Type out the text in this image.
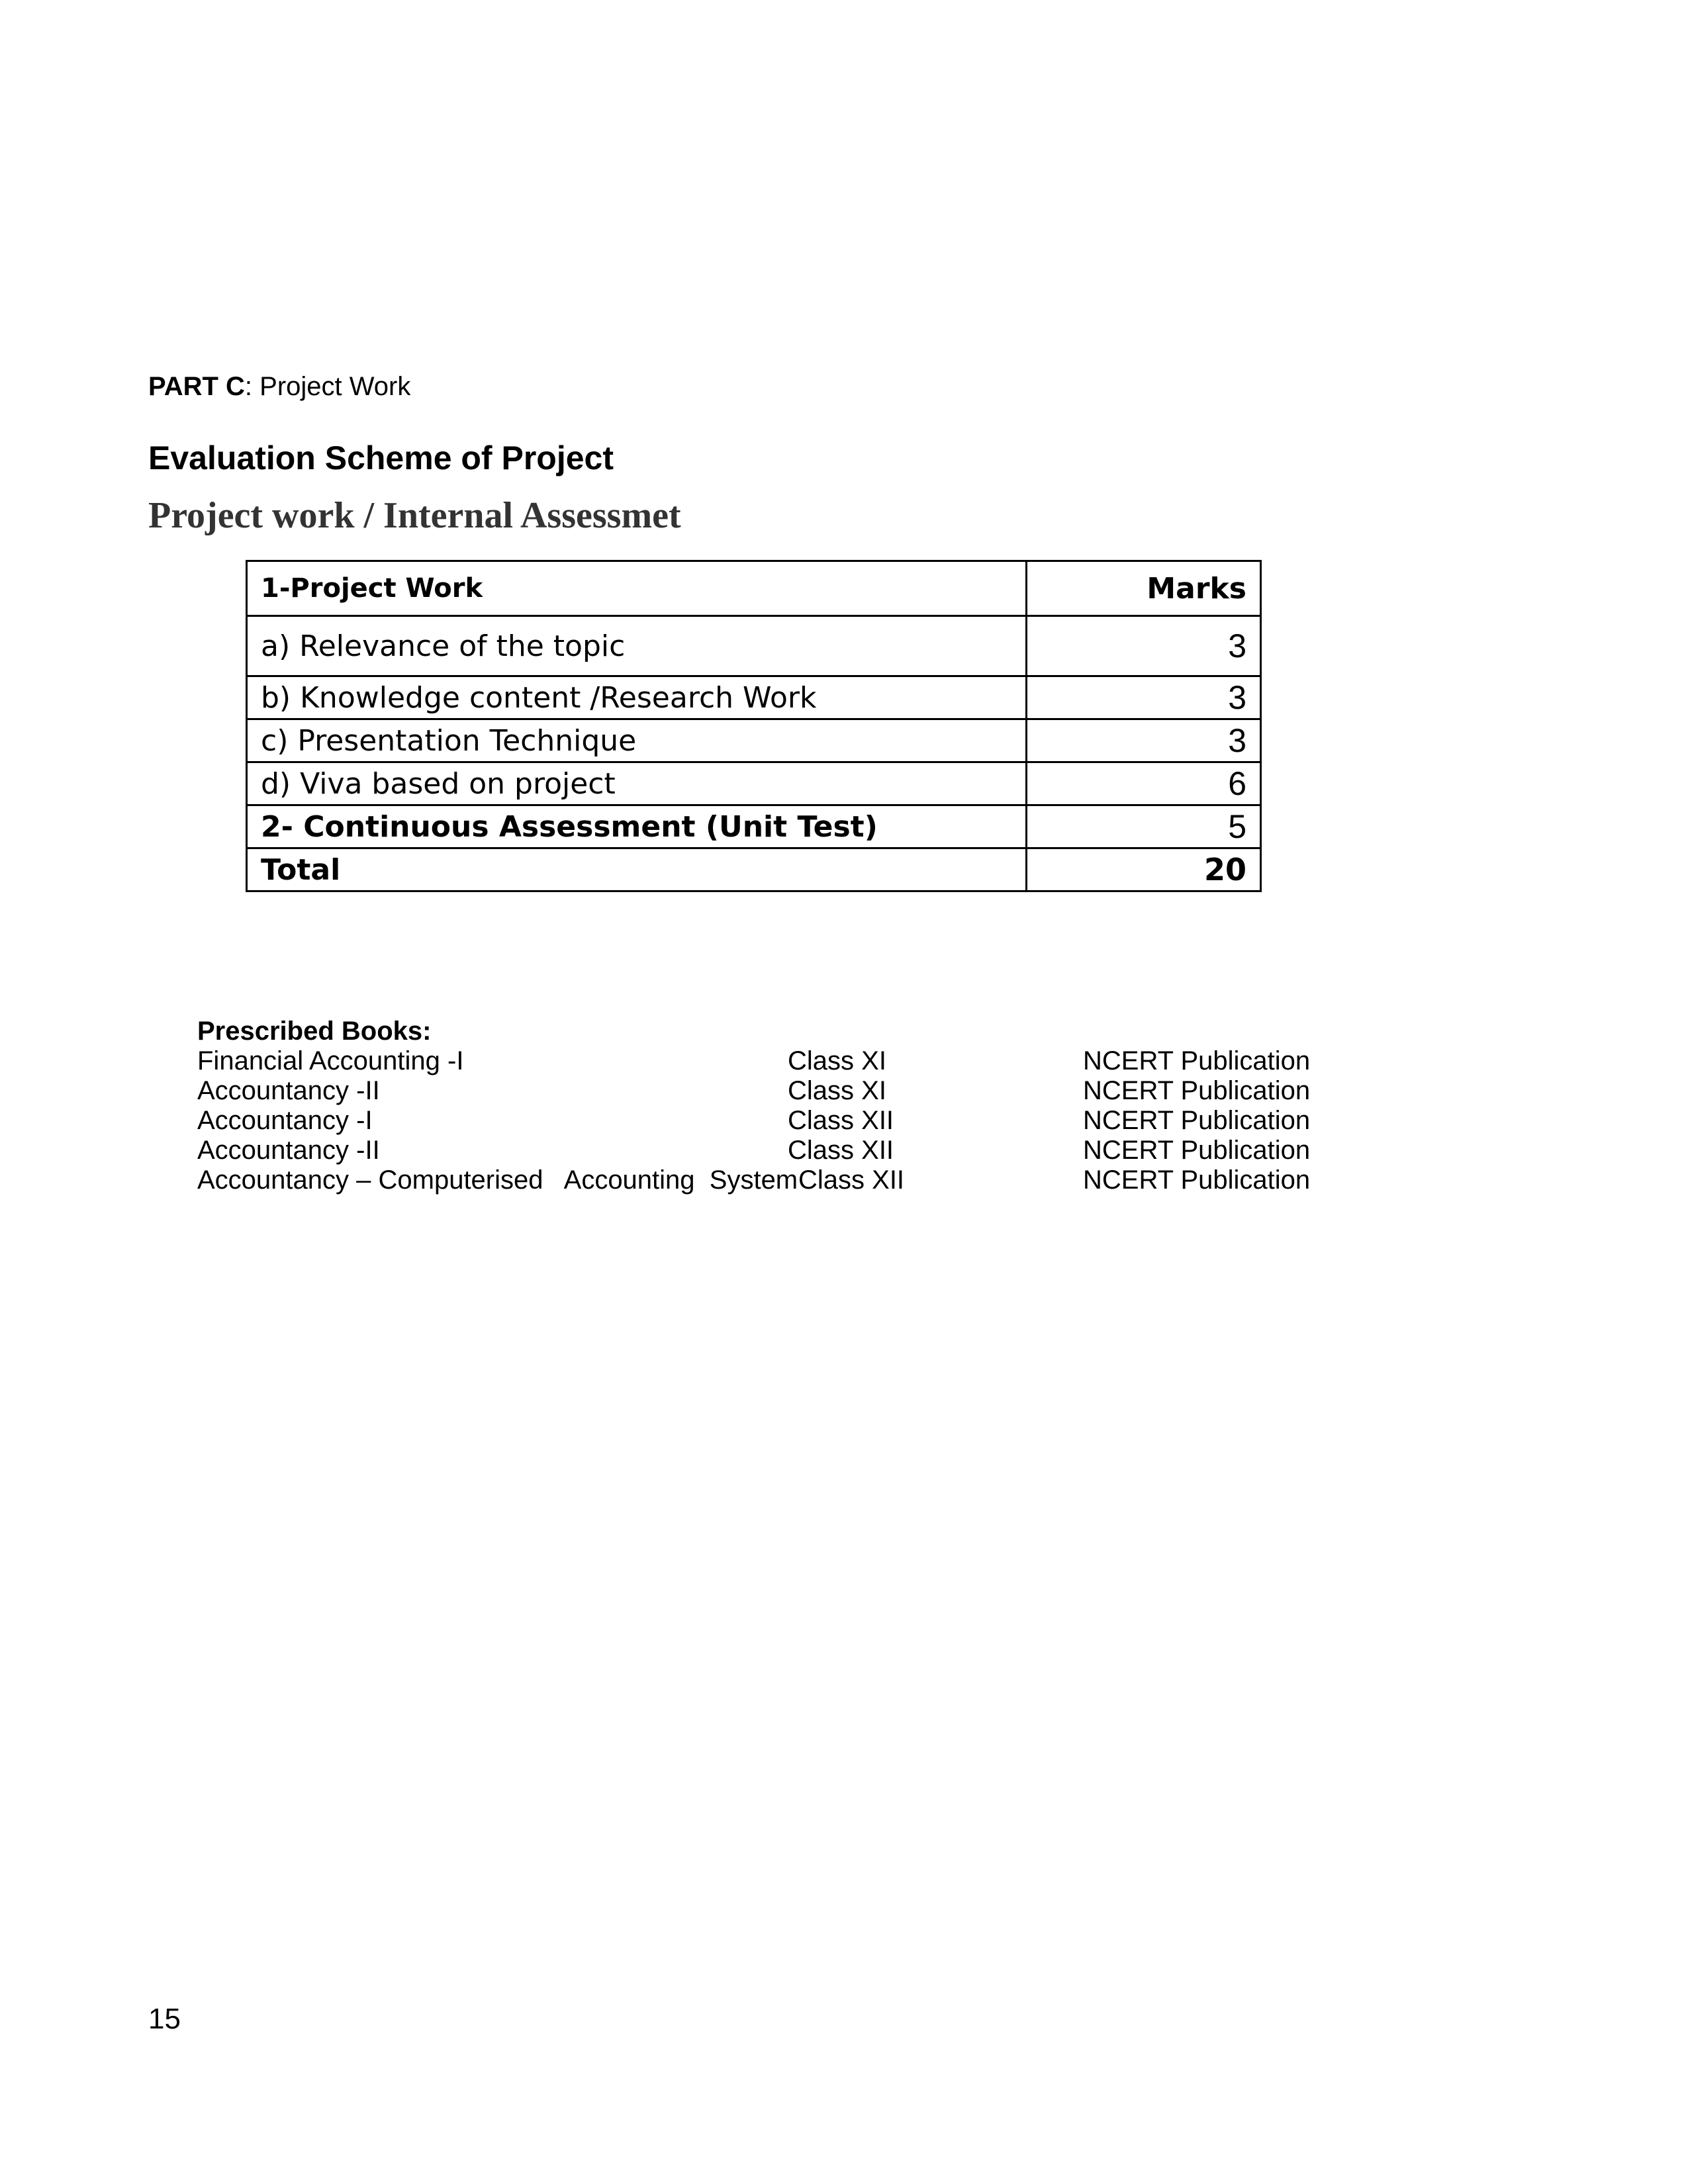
PART C: Project Work
Evaluation Scheme of Project
Project work / Internal Assessmet
1-Project Work	Marks
a) Relevance of the topic	3
b) Knowledge content /Research Work	3
c) Presentation Technique	3
d) Viva based on project	6
2- Continuous Assessment (Unit Test)	5
Total	20
Prescribed Books:
Financial Accounting -I	Class XI	NCERT Publication
Accountancy -II	Class XI	NCERT Publication
Accountancy -I	Class XII	NCERT Publication
Accountancy -II	Class XII	NCERT Publication
Accountancy – Computerised   Accounting  System Class XII	NCERT Publication
15
